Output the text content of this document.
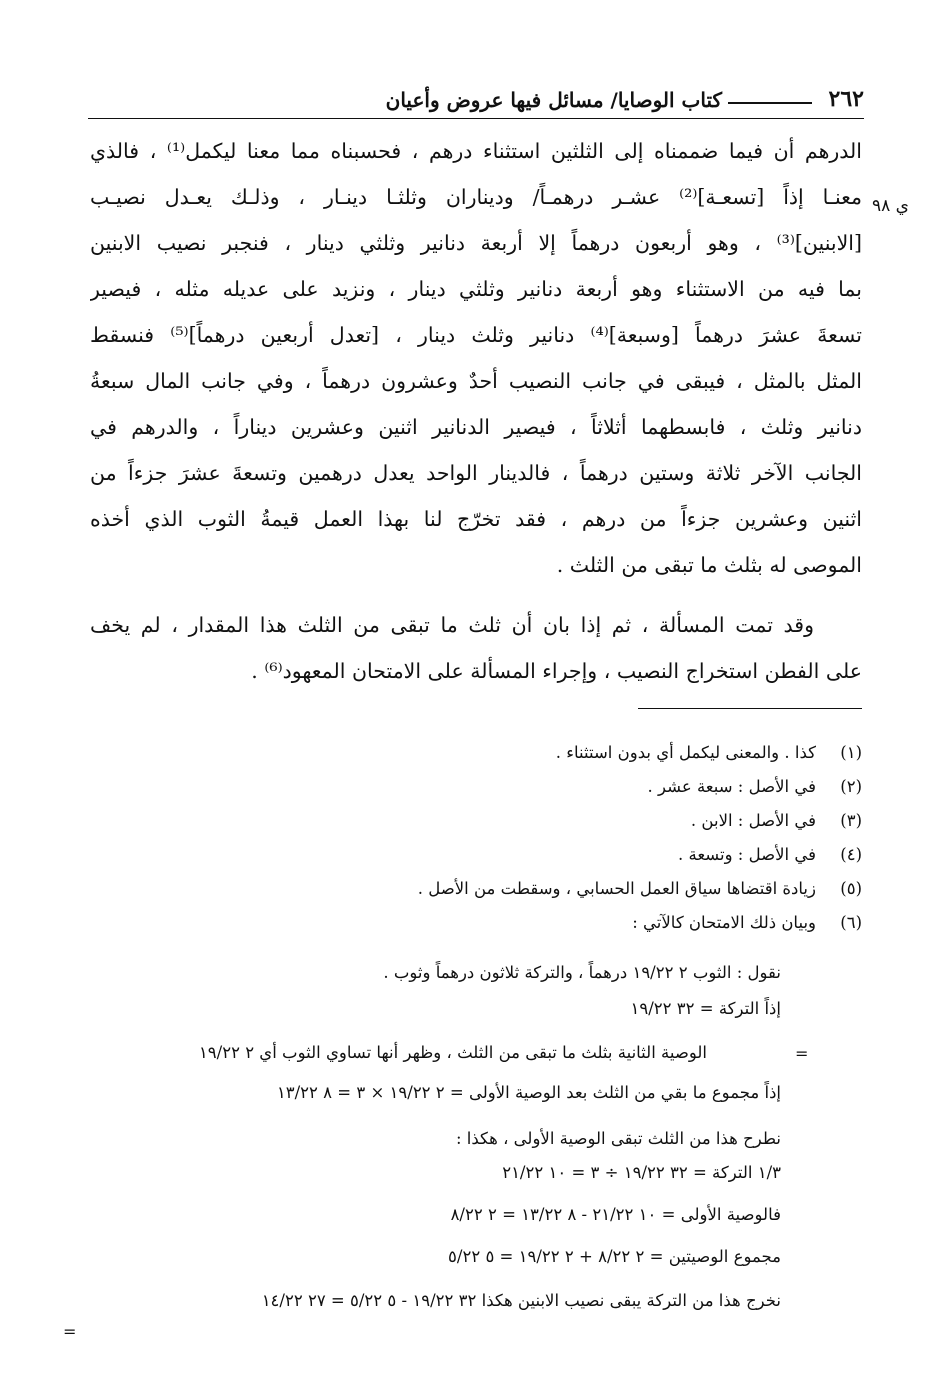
٢٦٢
كتاب الوصايا/ مسائل فيها عروض وأعيان
ي ٩٨
الدرهم أن فيما ضممناه إلى الثلثين استثناء درهم ، فحسبناه مما معنا ليكمل⁽¹⁾ ، فالذي
معنـا إذاً [تسعـة]⁽²⁾ عشـر درهمـاً/ وديناران وثلثـا دينـار ، وذلـك يعـدل نصيـب
[الابنين]⁽³⁾ ، وهو أربعون درهماً إلا أربعة دنانير وثلثي دينار ، فنجبر نصيب الابنين
بما فيه من الاستثناء وهو أربعة دنانير وثلثي دينار ، ونزيد على عديله مثله ، فيصير
تسعةَ عشرَ درهماً [وسبعة]⁽⁴⁾ دنانير وثلث دينار ، [تعدل أربعين درهماً]⁽⁵⁾ فنسقط
المثل بالمثل ، فيبقى في جانب النصيب أحدٌ وعشرون درهماً ، وفي جانب المال سبعةُ
دنانير وثلث ، فابسطهما أثلاثاً ، فيصير الدنانير اثنين وعشرين ديناراً ، والدرهم في
الجانب الآخر ثلاثة وستين درهماً ، فالدينار الواحد يعدل درهمين وتسعةَ عشرَ جزءاً من
اثنين وعشرين جزءاً من درهم ، فقد تخرّج لنا بهذا العمل قيمةُ الثوب الذي أخذه
الموصى له بثلث ما تبقى من الثلث .
وقد تمت المسألة ، ثم إذا بان أن ثلث ما تبقى من الثلث هذا المقدار ، لم يخف
على الفطن استخراج النصيب ، وإجراء المسألة على الامتحان المعهود⁽⁶⁾ .
(١)
كذا . والمعنى ليكمل أي بدون استثناء .
(٢)
في الأصل : سبعة عشر .
(٣)
في الأصل : الابن .
(٤)
في الأصل : وتسعة .
(٥)
زيادة اقتضاها سياق العمل الحسابي ، وسقطت من الأصل .
(٦)
وبيان ذلك الامتحان كالآتي :
نقول : الثوب ٢ ١٩/٢٢ درهماً ، والتركة ثلاثون درهماً وثوب .
إذاً التركة = ٣٢ ١٩/٢٢
الوصية الثانية بثلث ما تبقى من الثلث ، وظهر أنها تساوي الثوب أي ٢ ١٩/٢٢
إذاً مجموع ما بقي من الثلث بعد الوصية الأولى = ٢ ١٩/٢٢ × ٣ = ٨ ١٣/٢٢
نطرح هذا من الثلث تبقى الوصية الأولى ، هكذا :
١/٣ التركة = ٣٢ ١٩/٢٢ ÷ ٣ = ١٠ ٢١/٢٢
فالوصية الأولى = ١٠ ٢١/٢٢ - ٨ ١٣/٢٢ = ٢ ٨/٢٢
مجموع الوصيتين = ٢ ٨/٢٢ + ٢ ١٩/٢٢ = ٥ ٥/٢٢
نخرج هذا من التركة يبقى نصيب الابنين هكذا ٣٢ ١٩/٢٢ - ٥ ٥/٢٢ = ٢٧ ١٤/٢٢
=
=
